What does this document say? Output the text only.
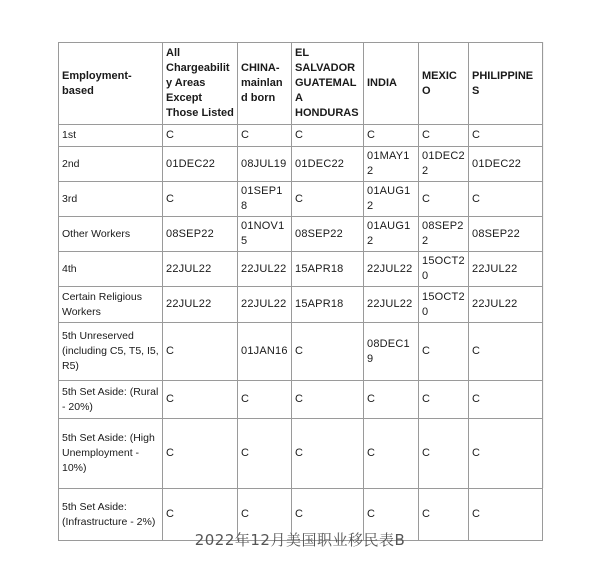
Employment-based	All Chargeability Areas Except Those Listed	CHINA-mainland born	EL SALVADOR GUATEMALA HONDURAS	INDIA	MEXICO	PHILIPPINES
1st	C	C	C	C	C	C
2nd	01DEC22	08JUL19	01DEC22	01MAY12	01DEC22	01DEC22
3rd	C	01SEP18	C	01AUG12	C	C
Other Workers	08SEP22	01NOV15	08SEP22	01AUG12	08SEP22	08SEP22
4th	22JUL22	22JUL22	15APR18	22JUL22	15OCT20	22JUL22
Certain Religious Workers	22JUL22	22JUL22	15APR18	22JUL22	15OCT20	22JUL22
5th Unreserved (including C5, T5, I5, R5)	C	01JAN16	C	08DEC19	C	C
5th Set Aside: (Rural - 20%)	C	C	C	C	C	C
5th Set Aside: (High Unemployment - 10%)	C	C	C	C	C	C
5th Set Aside: (Infrastructure - 2%)	C	C	C	C	C	C
2022年12月美国职业移民表B
